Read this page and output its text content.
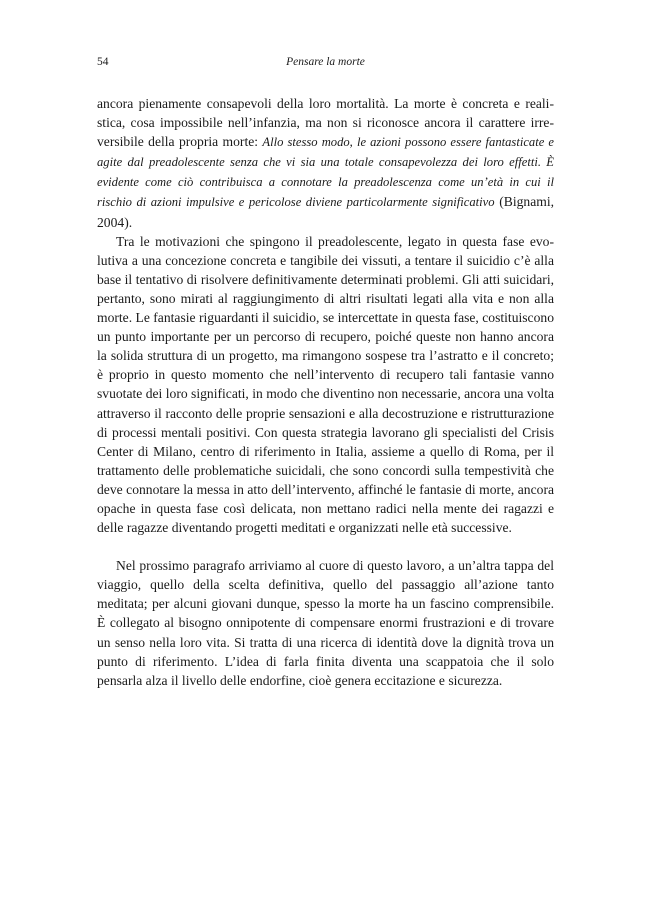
54	Pensare la morte

ancora pienamente consapevoli della loro mortalità. La morte è concreta e realistica, cosa impossibile nell’infanzia, ma non si riconosce ancora il carattere irreversibile della propria morte: Allo stesso modo, le azioni possono essere fantasticate e agite dal preadolescente senza che vi sia una totale consapevolezza dei loro effetti. È evidente come ciò contribuisca a connotare la preadolescenza come un’età in cui il rischio di azioni impulsive e pericolose diviene particolarmente significativo (Bignami, 2004).

Tra le motivazioni che spingono il preadolescente, legato in questa fase evolutiva a una concezione concreta e tangibile dei vissuti, a tentare il suicidio c’è alla base il tentativo di risolvere definitivamente determinati problemi. Gli atti suicidari, pertanto, sono mirati al raggiungimento di altri risultati legati alla vita e non alla morte. Le fantasie riguardanti il suicidio, se intercettate in questa fase, costituiscono un punto importante per un percorso di recupero, poiché queste non hanno ancora la solida struttura di un progetto, ma rimangono sospese tra l’astratto e il concreto; è proprio in questo momento che nell’intervento di recupero tali fantasie vanno svuotate dei loro significati, in modo che diventino non necessarie, ancora una volta attraverso il racconto delle proprie sensazioni e alla decostruzione e ristrutturazione di processi mentali positivi. Con questa strategia lavorano gli specialisti del Crisis Center di Milano, centro di riferimento in Italia, assieme a quello di Roma, per il trattamento delle problematiche suicidali, che sono concordi sulla tempestività che deve connotare la messa in atto dell’intervento, affinché le fantasie di morte, ancora opache in questa fase così delicata, non mettano radici nella mente dei ragazzi e delle ragazze diventando progetti meditati e organizzati nelle età successive.

Nel prossimo paragrafo arriviamo al cuore di questo lavoro, a un’altra tappa del viaggio, quello della scelta definitiva, quello del passaggio all’azione tanto meditata; per alcuni giovani dunque, spesso la morte ha un fascino comprensibile. È collegato al bisogno onnipotente di compensare enormi frustrazioni e di trovare un senso nella loro vita. Si tratta di una ricerca di identità dove la dignità trova un punto di riferimento. L’idea di farla finita diventa una scappatoia che il solo pensarla alza il livello delle endorfine, cioè genera eccitazione e sicurezza.
